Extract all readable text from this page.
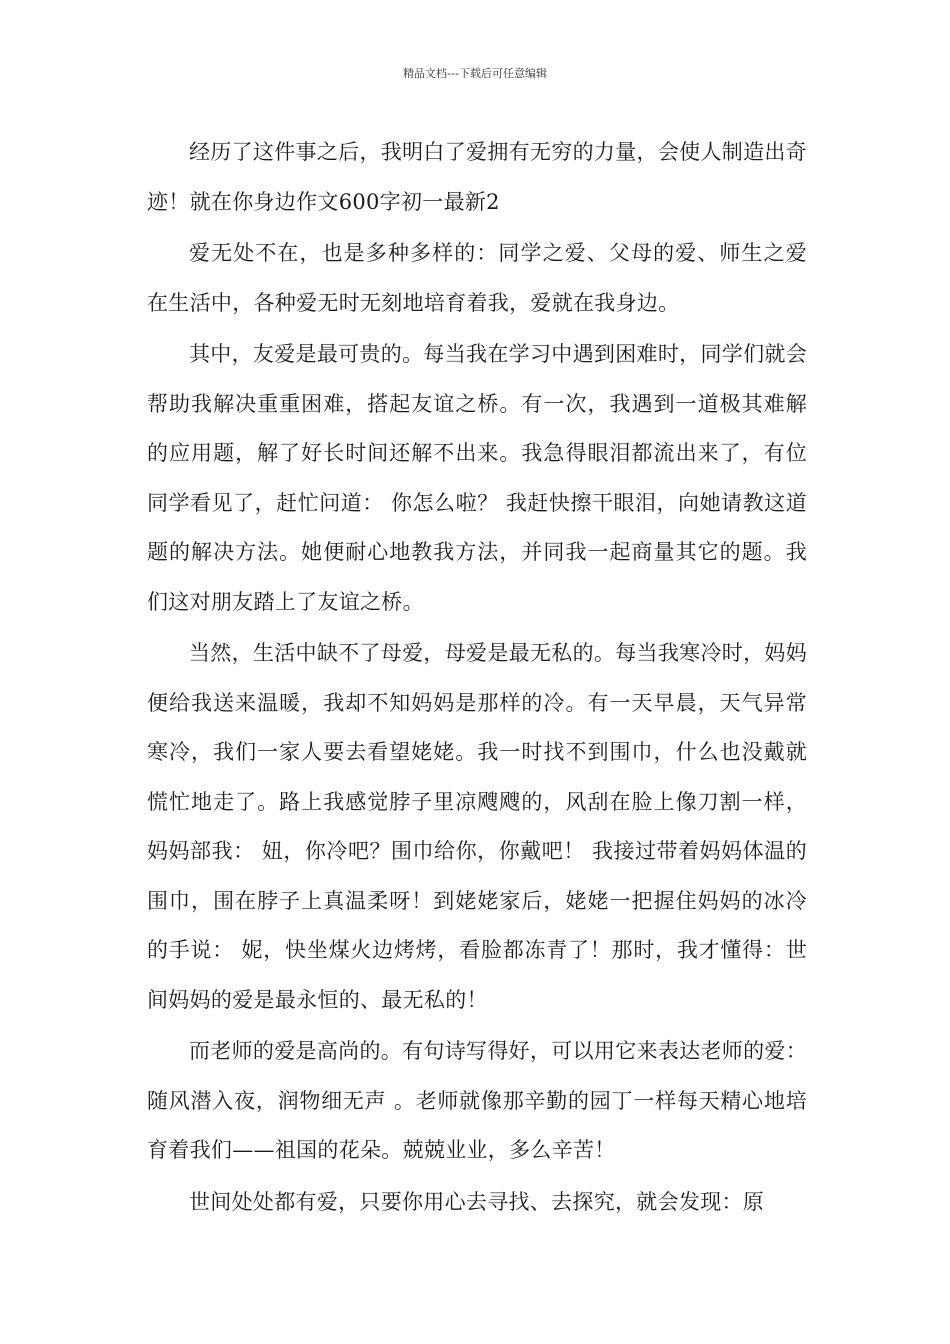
精品文档---下载后可任意编辑

经历了这件事之后，我明白了爱拥有无穷的力量，会使人制造出奇迹！就在你身边作文600字初一最新2

爱无处不在，也是多种多样的：同学之爱、父母的爱、师生之爱 在生活中，各种爱无时无刻地培育着我，爱就在我身边。

其中，友爱是最可贵的。每当我在学习中遇到困难时，同学们就会帮助我解决重重困难，搭起友谊之桥。有一次，我遇到一道极其难解的应用题，解了好长时间还解不出来。我急得眼泪都流出来了，有位同学看见了，赶忙问道： 你怎么啦？ 我赶快擦干眼泪，向她请教这道题的解决方法。她便耐心地教我方法，并同我一起商量其它的题。我们这对朋友踏上了友谊之桥。

当然，生活中缺不了母爱，母爱是最无私的。每当我寒冷时，妈妈便给我送来温暖，我却不知妈妈是那样的冷。有一天早晨，天气异常寒冷，我们一家人要去看望姥姥。我一时找不到围巾，什么也没戴就慌忙地走了。路上我感觉脖子里凉飕飕的，风刮在脸上像刀割一样，妈妈部我： 妞，你冷吧？围巾给你，你戴吧！ 我接过带着妈妈体温的围巾，围在脖子上真温柔呀！到姥姥家后，姥姥一把握住妈妈的冰冷的手说： 妮，快坐煤火边烤烤，看脸都冻青了！那时，我才懂得：世间妈妈的爱是最永恒的、最无私的！

而老师的爱是高尚的。有句诗写得好，可以用它来表达老师的爱： 随风潜入夜，润物细无声 。老师就像那辛勤的园丁一样每天精心地培育着我们——祖国的花朵。兢兢业业，多么辛苦！

世间处处都有爱，只要你用心去寻找、去探究，就会发现：原
